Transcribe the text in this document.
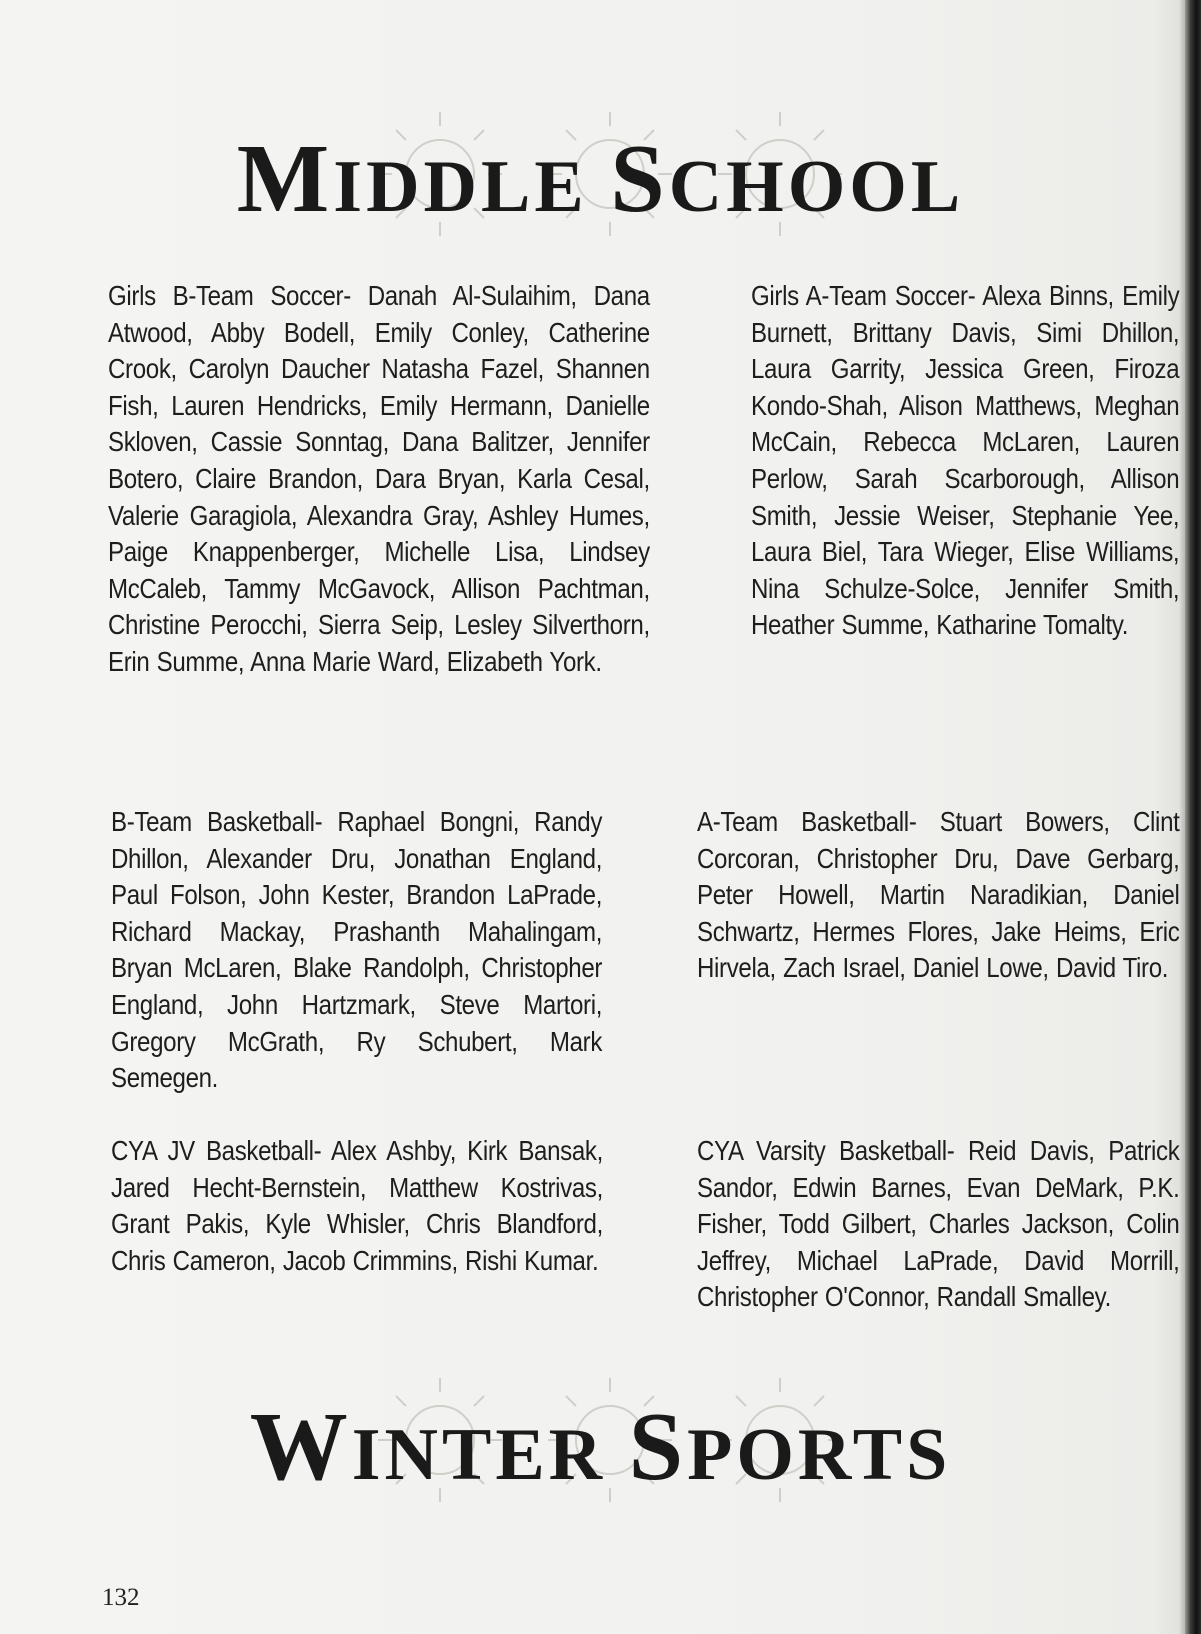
MIDDLE SCHOOL

Girls B-Team Soccer- Danah Al-Sulaihim, Dana Atwood, Abby Bodell, Emily Conley, Catherine Crook, Carolyn Daucher Natasha Fazel, Shannen Fish, Lauren Hendricks, Emily Hermann, Danielle Skloven, Cassie Sonntag, Dana Balitzer, Jennifer Botero, Claire Brandon, Dara Bryan, Karla Cesal, Valerie Garagiola, Alexandra Gray, Ashley Humes, Paige Knappenberger, Michelle Lisa, Lindsey McCaleb, Tammy McGavock, Allison Pachtman, Christine Perocchi, Sierra Seip, Lesley Silverthorn, Erin Summe, Anna Marie Ward, Elizabeth York.

Girls A-Team Soccer- Alexa Binns, Emily Burnett, Brittany Davis, Simi Dhillon, Laura Garrity, Jessica Green, Firoza Kondo-Shah, Alison Matthews, Meghan McCain, Rebecca McLaren, Lauren Perlow, Sarah Scarborough, Allison Smith, Jessie Weiser, Stephanie Yee, Laura Biel, Tara Wieger, Elise Williams, Nina Schulze-Solce, Jennifer Smith, Heather Summe, Katharine Tomalty.

B-Team Basketball- Raphael Bongni, Randy Dhillon, Alexander Dru, Jonathan England, Paul Folson, John Kester, Brandon LaPrade, Richard Mackay, Prashanth Mahalingam, Bryan McLaren, Blake Randolph, Christopher England, John Hartzmark, Steve Martori, Gregory McGrath, Ry Schubert, Mark Semegen.

A-Team Basketball- Stuart Bowers, Clint Corcoran, Christopher Dru, Dave Gerbarg, Peter Howell, Martin Naradikian, Daniel Schwartz, Hermes Flores, Jake Heims, Eric Hirvela, Zach Israel, Daniel Lowe, David Tiro.

CYA JV Basketball- Alex Ashby, Kirk Bansak, Jared Hecht-Bernstein, Matthew Kostrivas, Grant Pakis, Kyle Whisler, Chris Blandford, Chris Cameron, Jacob Crimmins, Rishi Kumar.

CYA Varsity Basketball- Reid Davis, Patrick Sandor, Edwin Barnes, Evan DeMark, P.K. Fisher, Todd Gilbert, Charles Jackson, Colin Jeffrey, Michael LaPrade, David Morrill, Christopher O'Connor, Randall Smalley.

WINTER SPORTS
132
